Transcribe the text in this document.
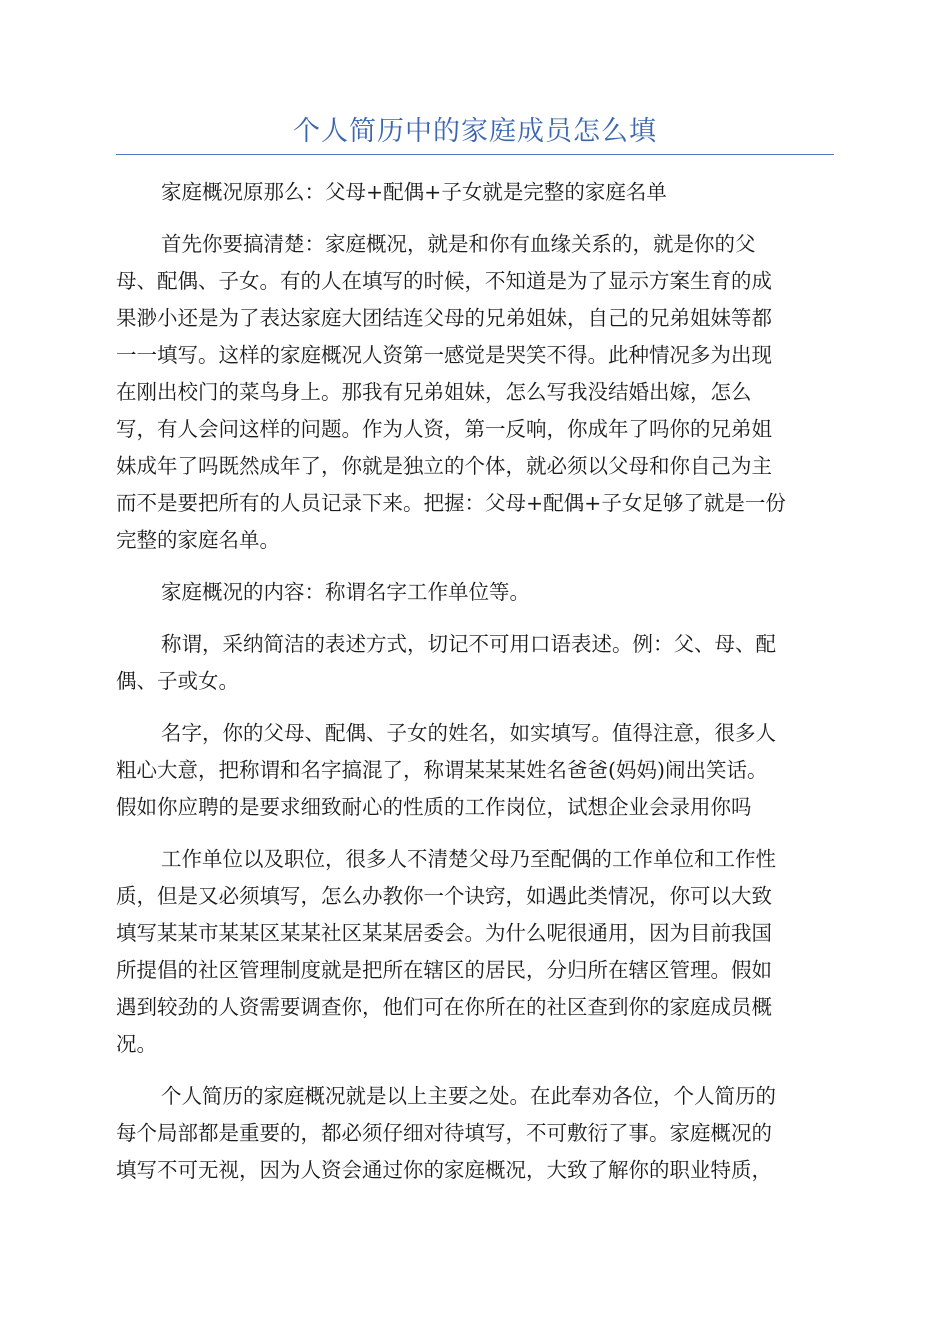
个人简历中的家庭成员怎么填
家庭概况原那么：父母+配偶+子女就是完整的家庭名单
首先你要搞清楚：家庭概况，就是和你有血缘关系的，就是你的父
母、配偶、子女。有的人在填写的时候，不知道是为了显示方案生育的成
果渺小还是为了表达家庭大团结连父母的兄弟姐妹，自己的兄弟姐妹等都
一一填写。这样的家庭概况人资第一感觉是哭笑不得。此种情况多为出现
在刚出校门的菜鸟身上。那我有兄弟姐妹，怎么写我没结婚出嫁，怎么
写，有人会问这样的问题。作为人资，第一反响，你成年了吗你的兄弟姐
妹成年了吗既然成年了，你就是独立的个体，就必须以父母和你自己为主
而不是要把所有的人员记录下来。把握：父母+配偶+子女足够了就是一份
完整的家庭名单。
家庭概况的内容：称谓名字工作单位等。
称谓，采纳简洁的表述方式，切记不可用口语表述。例：父、母、配
偶、子或女。
名字，你的父母、配偶、子女的姓名，如实填写。值得注意，很多人
粗心大意，把称谓和名字搞混了，称谓某某某姓名爸爸(妈妈)闹出笑话。
假如你应聘的是要求细致耐心的性质的工作岗位，试想企业会录用你吗
工作单位以及职位，很多人不清楚父母乃至配偶的工作单位和工作性
质，但是又必须填写，怎么办教你一个诀窍，如遇此类情况，你可以大致
填写某某市某某区某某社区某某居委会。为什么呢很通用，因为目前我国
所提倡的社区管理制度就是把所在辖区的居民，分归所在辖区管理。假如
遇到较劲的人资需要调查你，他们可在你所在的社区查到你的家庭成员概
况。
个人简历的家庭概况就是以上主要之处。在此奉劝各位，个人简历的
每个局部都是重要的，都必须仔细对待填写，不可敷衍了事。家庭概况的
填写不可无视，因为人资会通过你的家庭概况，大致了解你的职业特质，
